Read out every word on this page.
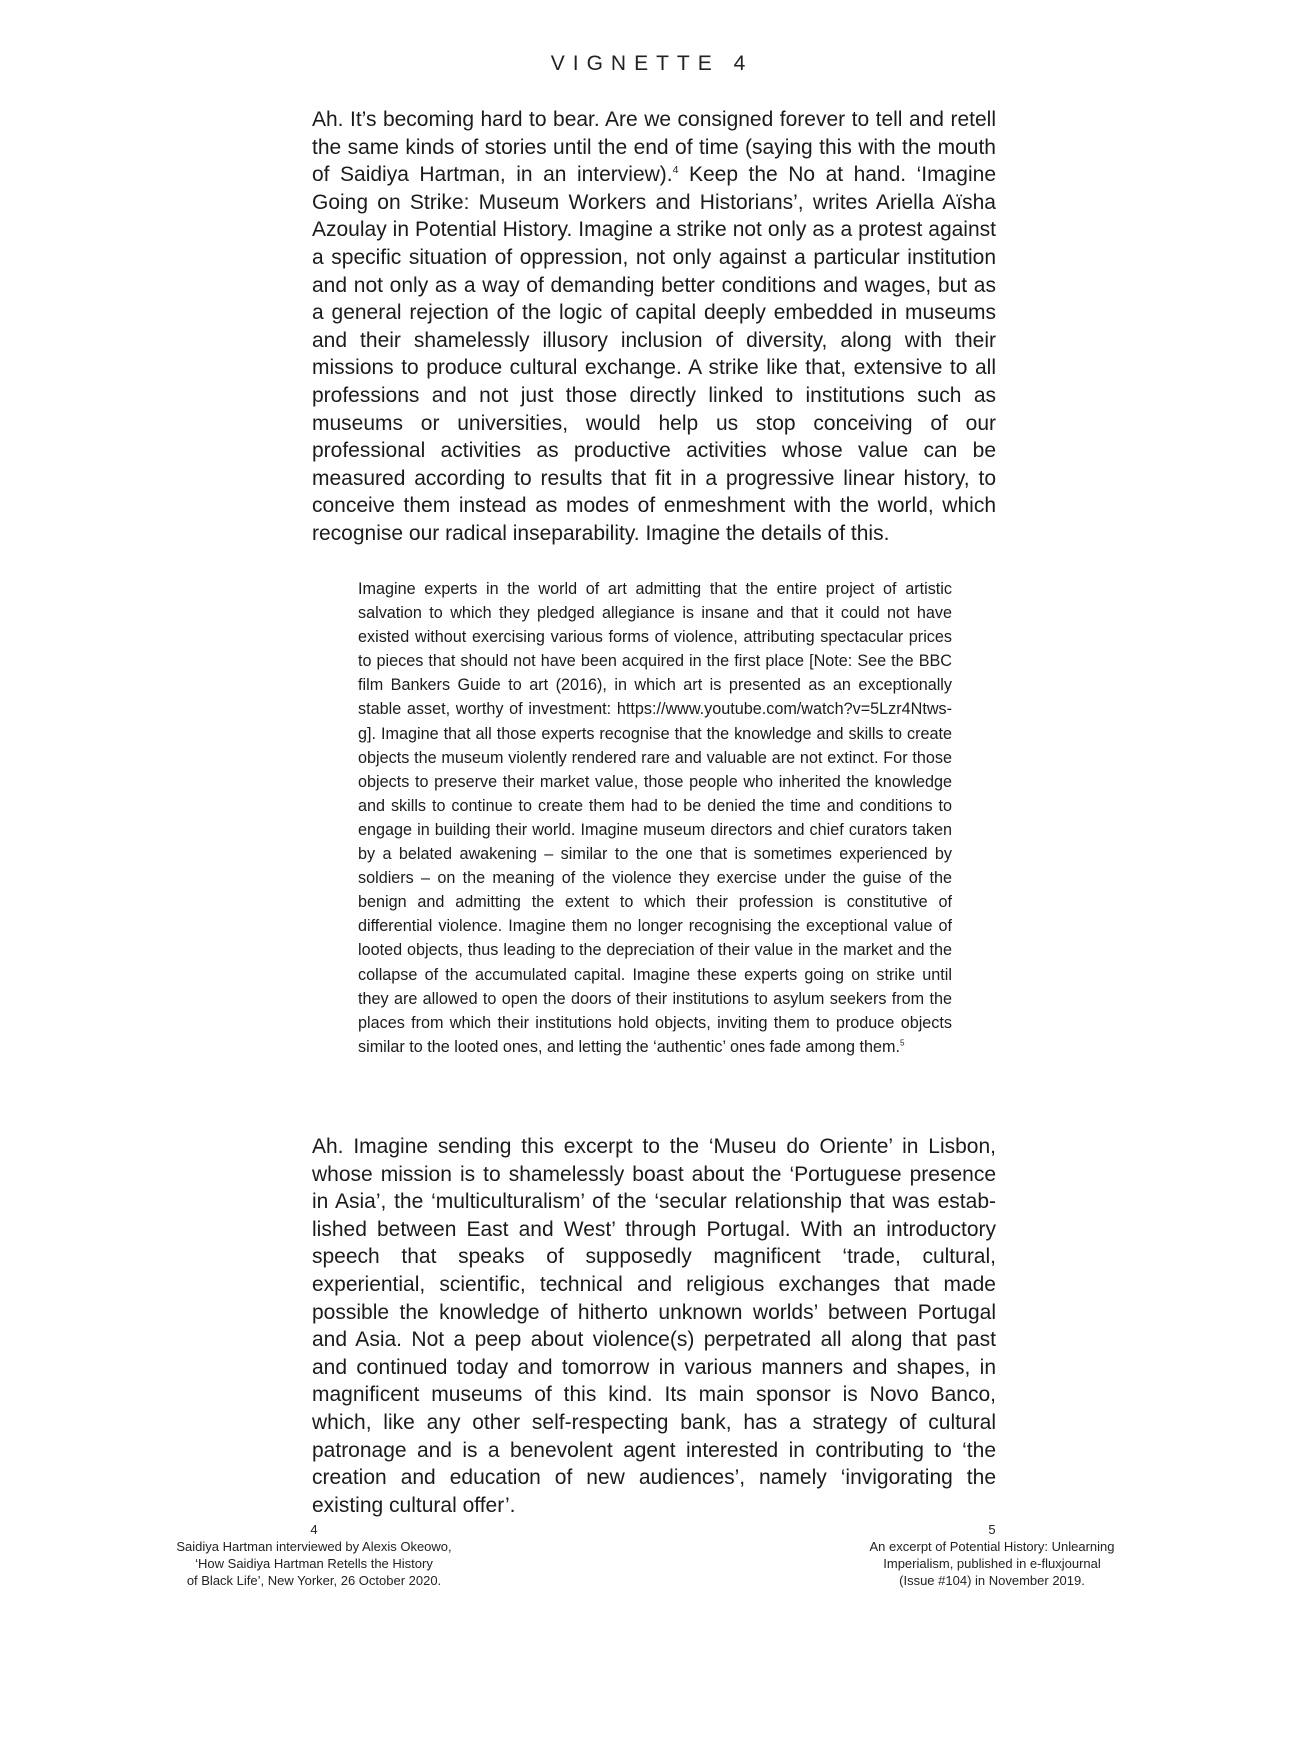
VIGNETTE 4

Ah. It’s becoming hard to bear. Are we consigned forever to tell and retell the same kinds of stories until the end of time (saying this with the mouth of Saidiya Hartman, in an interview).$^4$ Keep the No at hand. ‘Imagine Going on Strike: Museum Workers and Historians’, writes Ariella Aïsha Azoulay in Potential History. Imagine a strike not only as a protest against a specific situation of oppression, not only against a particular institution and not only as a way of demanding better conditions and wages, but as a general rejection of the logic of capital deeply embedded in museums and their shamelessly illusory inclusion of diversity, along with their missions to produce cultural exchange. A strike like that, extensive to all professions and not just those directly linked to institutions such as museums or universities, would help us stop conceiving of our professional activities as productive activities whose value can be measured according to results that fit in a progressive linear history, to conceive them instead as modes of enmeshment with the world, which recognise our radical inseparability. Imagine the details of this.

Imagine experts in the world of art admitting that the entire project of artistic salvation to which they pledged allegiance is insane and that it could not have existed without exercising various forms of violence, attributing spectacular prices to pieces that should not have been acquired in the first place [Note: See the BBC film Bankers Guide to art (2016), in which art is presented as an exceptionally stable asset, worthy of investment: https://www.youtube.com/watch?v=5Lzr4Ntws-g]. Imagine that all those experts recognise that the knowledge and skills to create objects the museum violently rendered rare and valuable are not extinct. For those objects to preserve their market value, those people who inherited the knowledge and skills to continue to create them had to be denied the time and conditions to engage in building their world. Imagine museum directors and chief curators taken by a belated awakening – similar to the one that is sometimes experienced by soldiers – on the meaning of the violence they exercise under the guise of the benign and admitting the extent to which their profession is constitutive of differential violence. Imagine them no longer recognising the exceptional value of looted objects, thus leading to the depreciation of their value in the market and the collapse of the accumulated capital. Imagine these experts going on strike until they are allowed to open the doors of their institutions to asylum seekers from the places from which their institutions hold objects, inviting them to produce objects similar to the looted ones, and letting the ‘authentic’ ones fade among them.$^5$

Ah. Imagine sending this excerpt to the ‘Museu do Oriente’ in Lisbon, whose mission is to shamelessly boast about the ‘Portuguese presence in Asia’, the ‘multiculturalism’ of the ‘secular relationship that was estab-lished between East and West’ through Portugal. With an introductory speech that speaks of supposedly magnificent ‘trade, cultural, experiential, scientific, technical and religious exchanges that made possible the knowledge of hitherto unknown worlds’ between Portugal and Asia. Not a peep about violence(s) perpetrated all along that past and continued today and tomorrow in various manners and shapes, in magnificent museums of this kind. Its main sponsor is Novo Banco, which, like any other self-respecting bank, has a strategy of cultural patronage and is a benevolent agent interested in contributing to ‘the creation and education of new audiences’, namely ‘invigorating the existing cultural offer’.

4
Saidiya Hartman interviewed by Alexis Okeowo,
‘How Saidiya Hartman Retells the History
of Black Life’, New Yorker, 26 October 2020.
5
An excerpt of Potential History: Unlearning
Imperialism, published in e-fluxjournal
(Issue #104) in November 2019.
